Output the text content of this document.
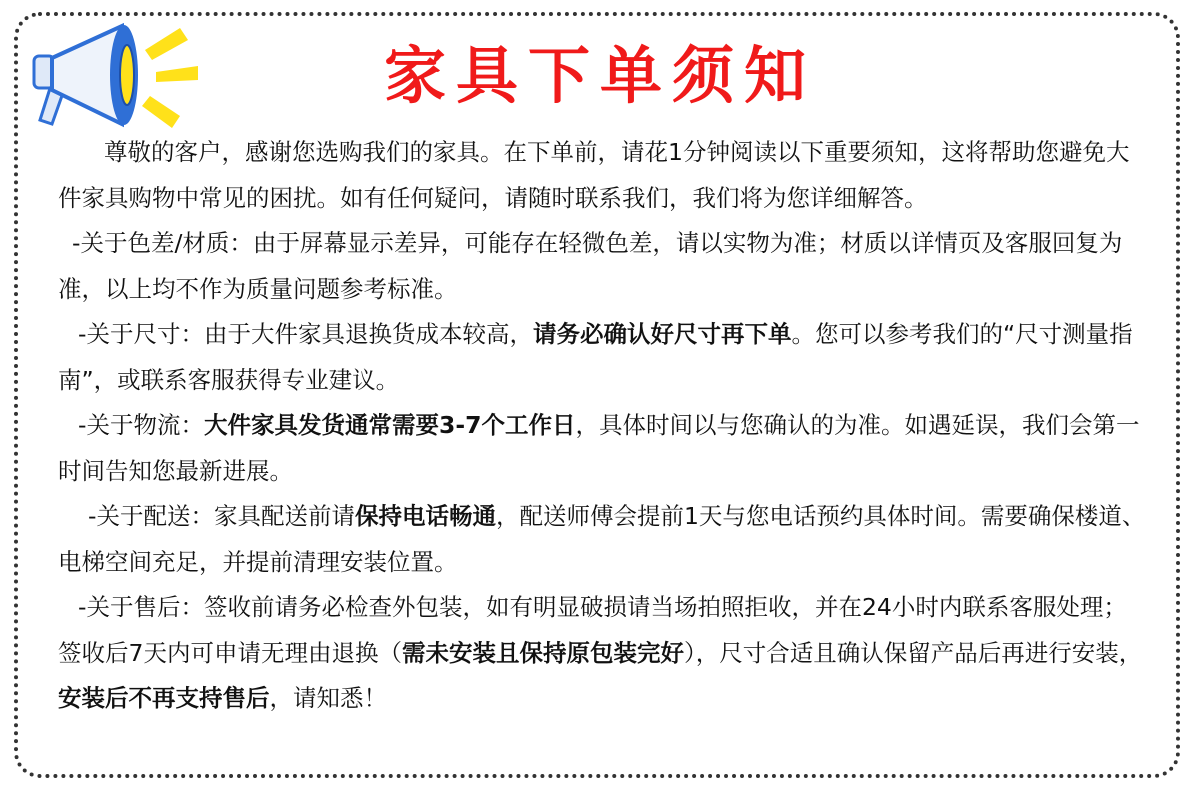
家具下单须知

尊敬的客户，感谢您选购我们的家具。在下单前，请花1分钟阅读以下重要须知，这将帮助您避免大件家具购物中常见的困扰。如有任何疑问，请随时联系我们，我们将为您详细解答。

-关于色差/材质：由于屏幕显示差异，可能存在轻微色差，请以实物为准；材质以详情页及客服回复为准，以上均不作为质量问题参考标准。

-关于尺寸：由于大件家具退换货成本较高，请务必确认好尺寸再下单。您可以参考我们的“尺寸测量指南”，或联系客服获得专业建议。

-关于物流：大件家具发货通常需要3-7个工作日，具体时间以与您确认的为准。如遇延误，我们会第一时间告知您最新进展。

-关于配送：家具配送前请保持电话畅通，配送师傅会提前1天与您电话预约具体时间。需要确保楼道、电梯空间充足，并提前清理安装位置。

-关于售后：签收前请务必检查外包装，如有明显破损请当场拍照拒收，并在24小时内联系客服处理；签收后7天内可申请无理由退换（需未安装且保持原包装完好），尺寸合适且确认保留产品后再进行安装，安装后不再支持售后，请知悉！
